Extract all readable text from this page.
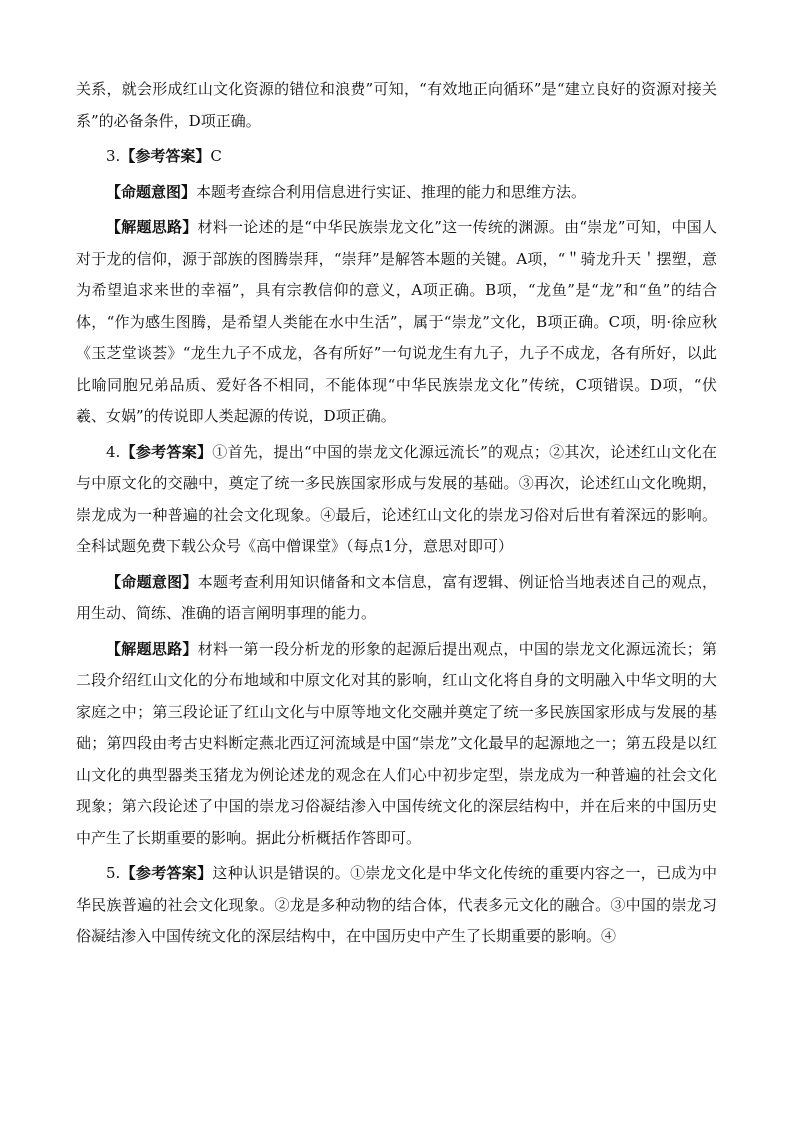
关系，就会形成红山文化资源的错位和浪费”可知，“有效地正向循环”是“建立良好的资源对接关系”的必备条件，D项正确。

3.【参考答案】C

【命题意图】本题考查综合利用信息进行实证、推理的能力和思维方法。

【解题思路】材料一论述的是“中华民族崇龙文化”这一传统的渊源。由“崇龙”可知，中国人对于龙的信仰，源于部族的图腾崇拜，“崇拜”是解答本题的关键。A项，“＂骑龙升天＇摆塑，意为希望追求来世的幸福”，具有宗教信仰的意义，A项正确。B项，“龙鱼”是“龙”和“鱼”的结合体，“作为感生图腾，是希望人类能在水中生活”，属于“崇龙”文化，B项正确。C项，明·徐应秋《玉芝堂谈荟》“龙生九子不成龙，各有所好”一句说龙生有九子，九子不成龙，各有所好，以此比喻同胞兄弟品质、爱好各不相同，不能体现“中华民族崇龙文化”传统，C项错误。D项，“伏羲、女娲”的传说即人类起源的传说，D项正确。

4.【参考答案】①首先，提出“中国的崇龙文化源远流长”的观点；②其次，论述红山文化在与中原文化的交融中，奠定了统一多民族国家形成与发展的基础。③再次，论述红山文化晚期，崇龙成为一种普遍的社会文化现象。④最后，论述红山文化的崇龙习俗对后世有着深远的影响。全科试题免费下载公众号《高中僧课堂》（每点1分，意思对即可）

【命题意图】本题考查利用知识储备和文本信息，富有逻辑、例证恰当地表述自己的观点，用生动、简练、准确的语言阐明事理的能力。

【解题思路】材料一第一段分析龙的形象的起源后提出观点，中国的崇龙文化源远流长；第二段介绍红山文化的分布地域和中原文化对其的影响，红山文化将自身的文明融入中华文明的大家庭之中；第三段论证了红山文化与中原等地文化交融并奠定了统一多民族国家形成与发展的基础；第四段由考古史料断定燕北西辽河流域是中国“崇龙”文化最早的起源地之一；第五段是以红山文化的典型器类玉猪龙为例论述龙的观念在人们心中初步定型，崇龙成为一种普遍的社会文化现象；第六段论述了中国的崇龙习俗凝结渗入中国传统文化的深层结构中，并在后来的中国历史中产生了长期重要的影响。据此分析概括作答即可。

5.【参考答案】这种认识是错误的。①崇龙文化是中华文化传统的重要内容之一，已成为中华民族普遍的社会文化现象。②龙是多种动物的结合体，代表多元文化的融合。③中国的崇龙习俗凝结渗入中国传统文化的深层结构中，在中国历史中产生了长期重要的影响。④
